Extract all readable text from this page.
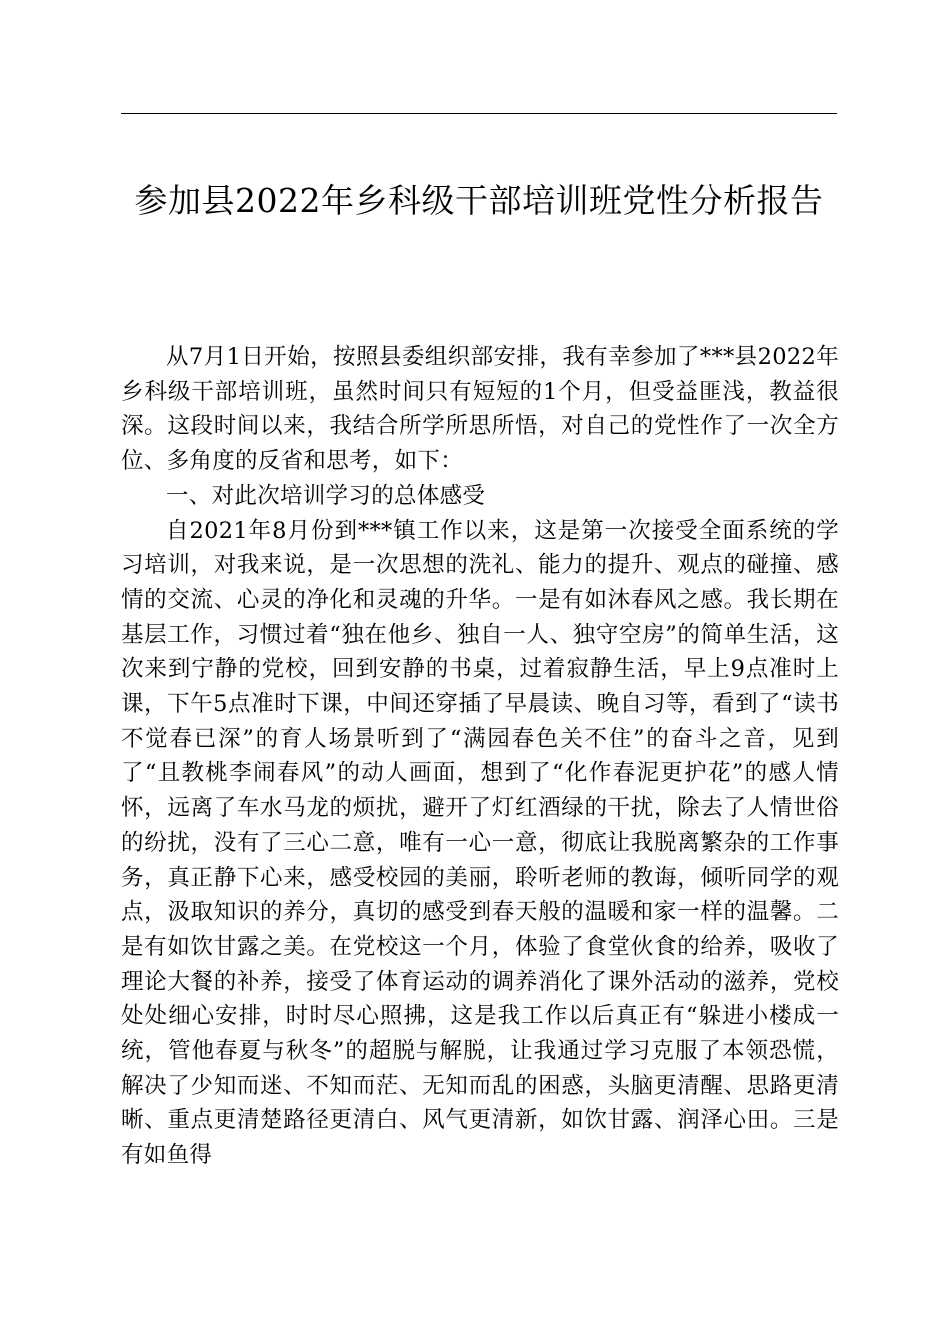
参加县2022年乡科级干部培训班党性分析报告

从7月1日开始，按照县委组织部安排，我有幸参加了***县2022年乡科级干部培训班，虽然时间只有短短的1个月，但受益匪浅，教益很深。这段时间以来，我结合所学所思所悟，对自己的党性作了一次全方位、多角度的反省和思考，如下：

一、对此次培训学习的总体感受

自2021年8月份到***镇工作以来，这是第一次接受全面系统的学习培训，对我来说，是一次思想的洗礼、能力的提升、观点的碰撞、感情的交流、心灵的净化和灵魂的升华。一是有如沐春风之感。我长期在基层工作，习惯过着“独在他乡、独自一人、独守空房”的简单生活，这次来到宁静的党校，回到安静的书桌，过着寂静生活，早上9点准时上课，下午5点准时下课，中间还穿插了早晨读、晚自习等，看到了“读书不觉春已深”的育人场景听到了“满园春色关不住”的奋斗之音，见到了“且教桃李闹春风”的动人画面，想到了“化作春泥更护花”的感人情怀，远离了车水马龙的烦扰，避开了灯红酒绿的干扰，除去了人情世俗的纷扰，没有了三心二意，唯有一心一意，彻底让我脱离繁杂的工作事务，真正静下心来，感受校园的美丽，聆听老师的教诲，倾听同学的观点，汲取知识的养分，真切的感受到春天般的温暖和家一样的温馨。二是有如饮甘露之美。在党校这一个月，体验了食堂伙食的给养，吸收了理论大餐的补养，接受了体育运动的调养消化了课外活动的滋养，党校处处细心安排，时时尽心照拂，这是我工作以后真正有“躲进小楼成一统，管他春夏与秋冬”的超脱与解脱，让我通过学习克服了本领恐慌，解决了少知而迷、不知而茫、无知而乱的困惑，头脑更清醒、思路更清晰、重点更清楚路径更清白、风气更清新，如饮甘露、润泽心田。三是有如鱼得
